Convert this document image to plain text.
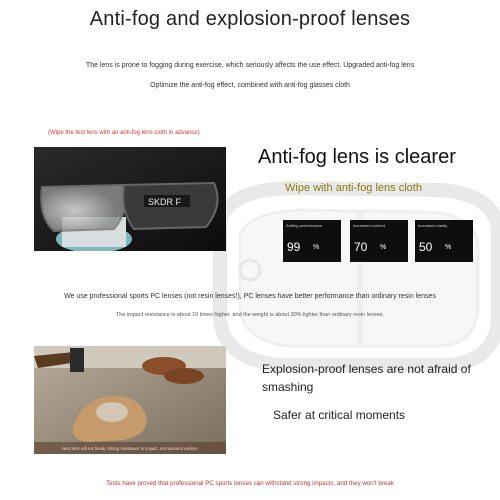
Anti-fog and explosion-proof lenses
The lens is prone to fogging during exercise, which seriously affects the use effect. Upgraded anti-fog lens
Optimize the anti-fog effect, combined with anti-fog glasses cloth
(Wipe the test lens with an anti-fog lens cloth in advance)
SKDR F
Anti-fog lens is clearer
Wipe with anti-fog lens cloth
Antifog performance
99 %
Increased comfort
70 %
Increased clarity
50 %
We use professional sports PC lenses (not resin lenses!), PC lenses have better performance than ordinary resin lenses
The impact resistance is about 10 times higher, and the weight is about 30% lighter than ordinary resin lenses.
Next lens will not break, strong resistance to impact, rest assured explore
Explosion-proof lenses are not afraid of smashing
Safer at critical moments
Tests have proved that professional PC sports lenses can withstand strong impacts, and they won't break
